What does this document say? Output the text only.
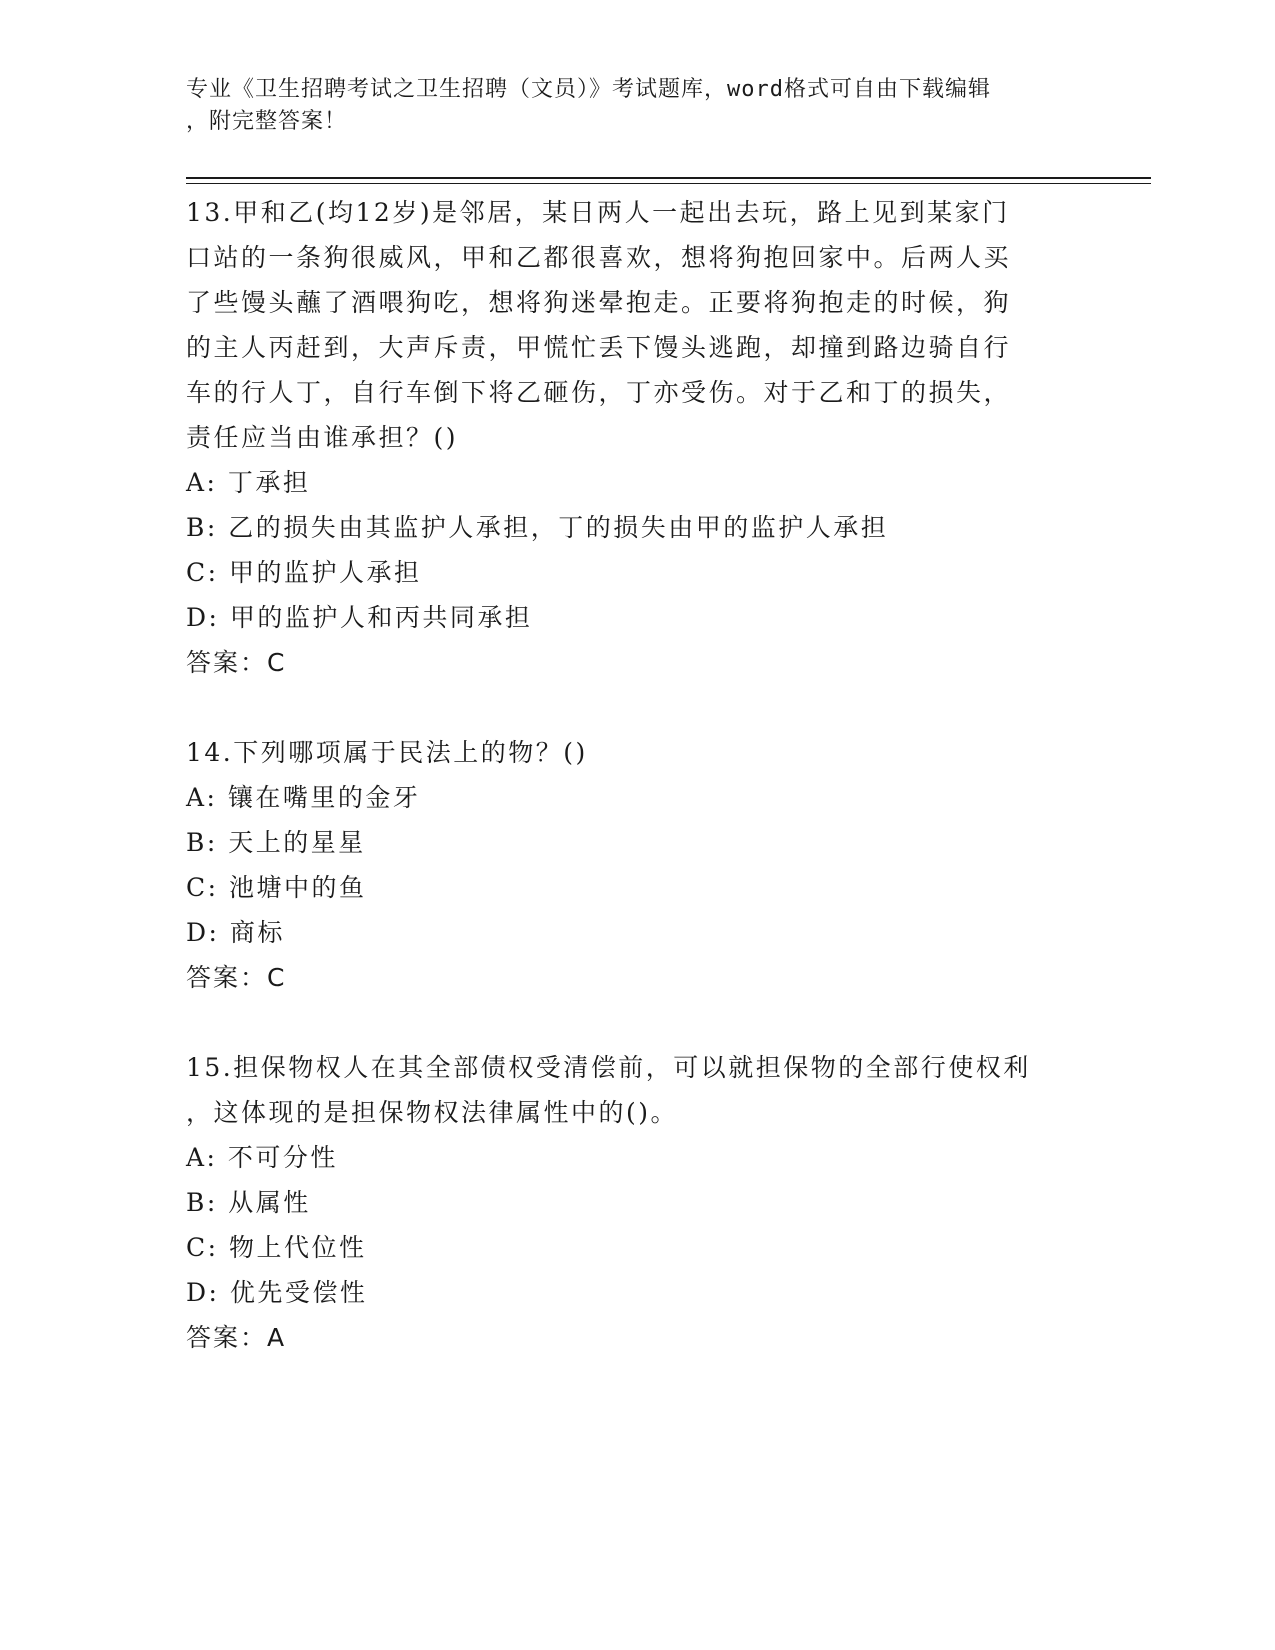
专业《卫生招聘考试之卫生招聘（文员）》考试题库，word格式可自由下载编辑
，附完整答案！
13.甲和乙(均12岁)是邻居，某日两人一起出去玩，路上见到某家门
口站的一条狗很威风，甲和乙都很喜欢，想将狗抱回家中。后两人买
了些馒头蘸了酒喂狗吃，想将狗迷晕抱走。正要将狗抱走的时候，狗
的主人丙赶到，大声斥责，甲慌忙丢下馒头逃跑，却撞到路边骑自行
车的行人丁，自行车倒下将乙砸伤，丁亦受伤。对于乙和丁的损失，
责任应当由谁承担？()
A: 丁承担
B: 乙的损失由其监护人承担，丁的损失由甲的监护人承担
C: 甲的监护人承担
D: 甲的监护人和丙共同承担
答案：C
14.下列哪项属于民法上的物？()
A: 镶在嘴里的金牙
B: 天上的星星
C: 池塘中的鱼
D: 商标
答案：C
15.担保物权人在其全部债权受清偿前，可以就担保物的全部行使权利
，这体现的是担保物权法律属性中的()。
A: 不可分性
B: 从属性
C: 物上代位性
D: 优先受偿性
答案：A
